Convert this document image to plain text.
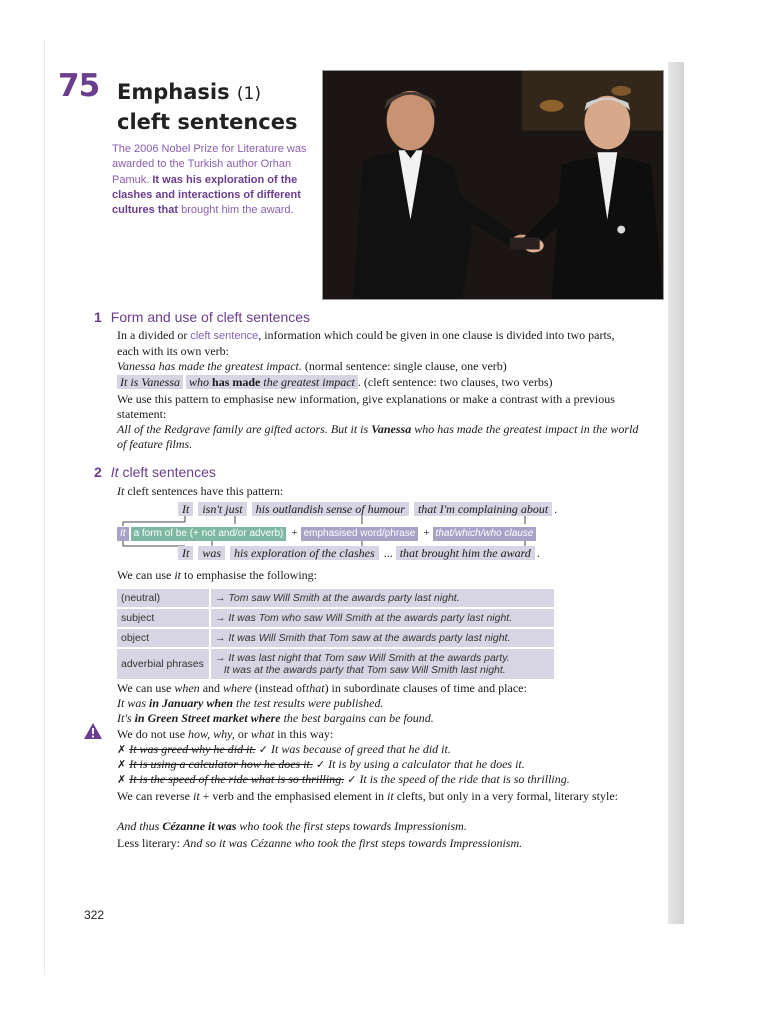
75 Emphasis (1)
cleft sentences
The 2006 Nobel Prize for Literature was awarded to the Turkish author Orhan Pamuk. It was his exploration of the clashes and interactions of different cultures that brought him the award.
1 Form and use of cleft sentences
In a divided or cleft sentence, information which could be given in one clause is divided into two parts, each with its own verb:
Vanessa has made the greatest impact. (normal sentence: single clause, one verb)
It is Vanessa who has made the greatest impact . (cleft sentence: two clauses, two verbs)
We use this pattern to emphasise new information, give explanations or make a contrast with a previous statement:
All of the Redgrave family are gifted actors. But it is Vanessa who has made the greatest impact in the world of feature films.
2 It cleft sentences
It cleft sentences have this pattern:
It isn't just his outlandish sense of humour that I'm complaining about .
It a form of be (+ not and/or adverb) + emphasised word/phrase + that/which/who clause
It was his exploration of the clashes ... that brought him the award .
We can use it to emphasise the following:
(neutral)	→ Tom saw Will Smith at the awards party last night.
subject	→ It was Tom who saw Will Smith at the awards party last night.
object	→ It was Will Smith that Tom saw at the awards party last night.
adverbial phrases	→ It was last night that Tom saw Will Smith at the awards party.
It was at the awards party that Tom saw Will Smith last night.
We can use when and where (instead ofthat) in subordinate clauses of time and place:
It was in January when the test results were published.
It's in Green Street market where the best bargains can be found.
We do not use how, why, or what in this way:
✗ It was greed why he did it. ✓ It was because of greed that he did it.
✗ It is using a calculator how he does it. ✓ It is by using a calculator that he does it.
✗ It is the speed of the ride what is so thrilling. ✓ It is the speed of the ride that is so thrilling.
We can reverse it + verb and the emphasised element in it clefts, but only in a very formal, literary style:
And thus Cézanne it was who took the first steps towards Impressionism.
Less literary: And so it was Cézanne who took the first steps towards Impressionism.
322
